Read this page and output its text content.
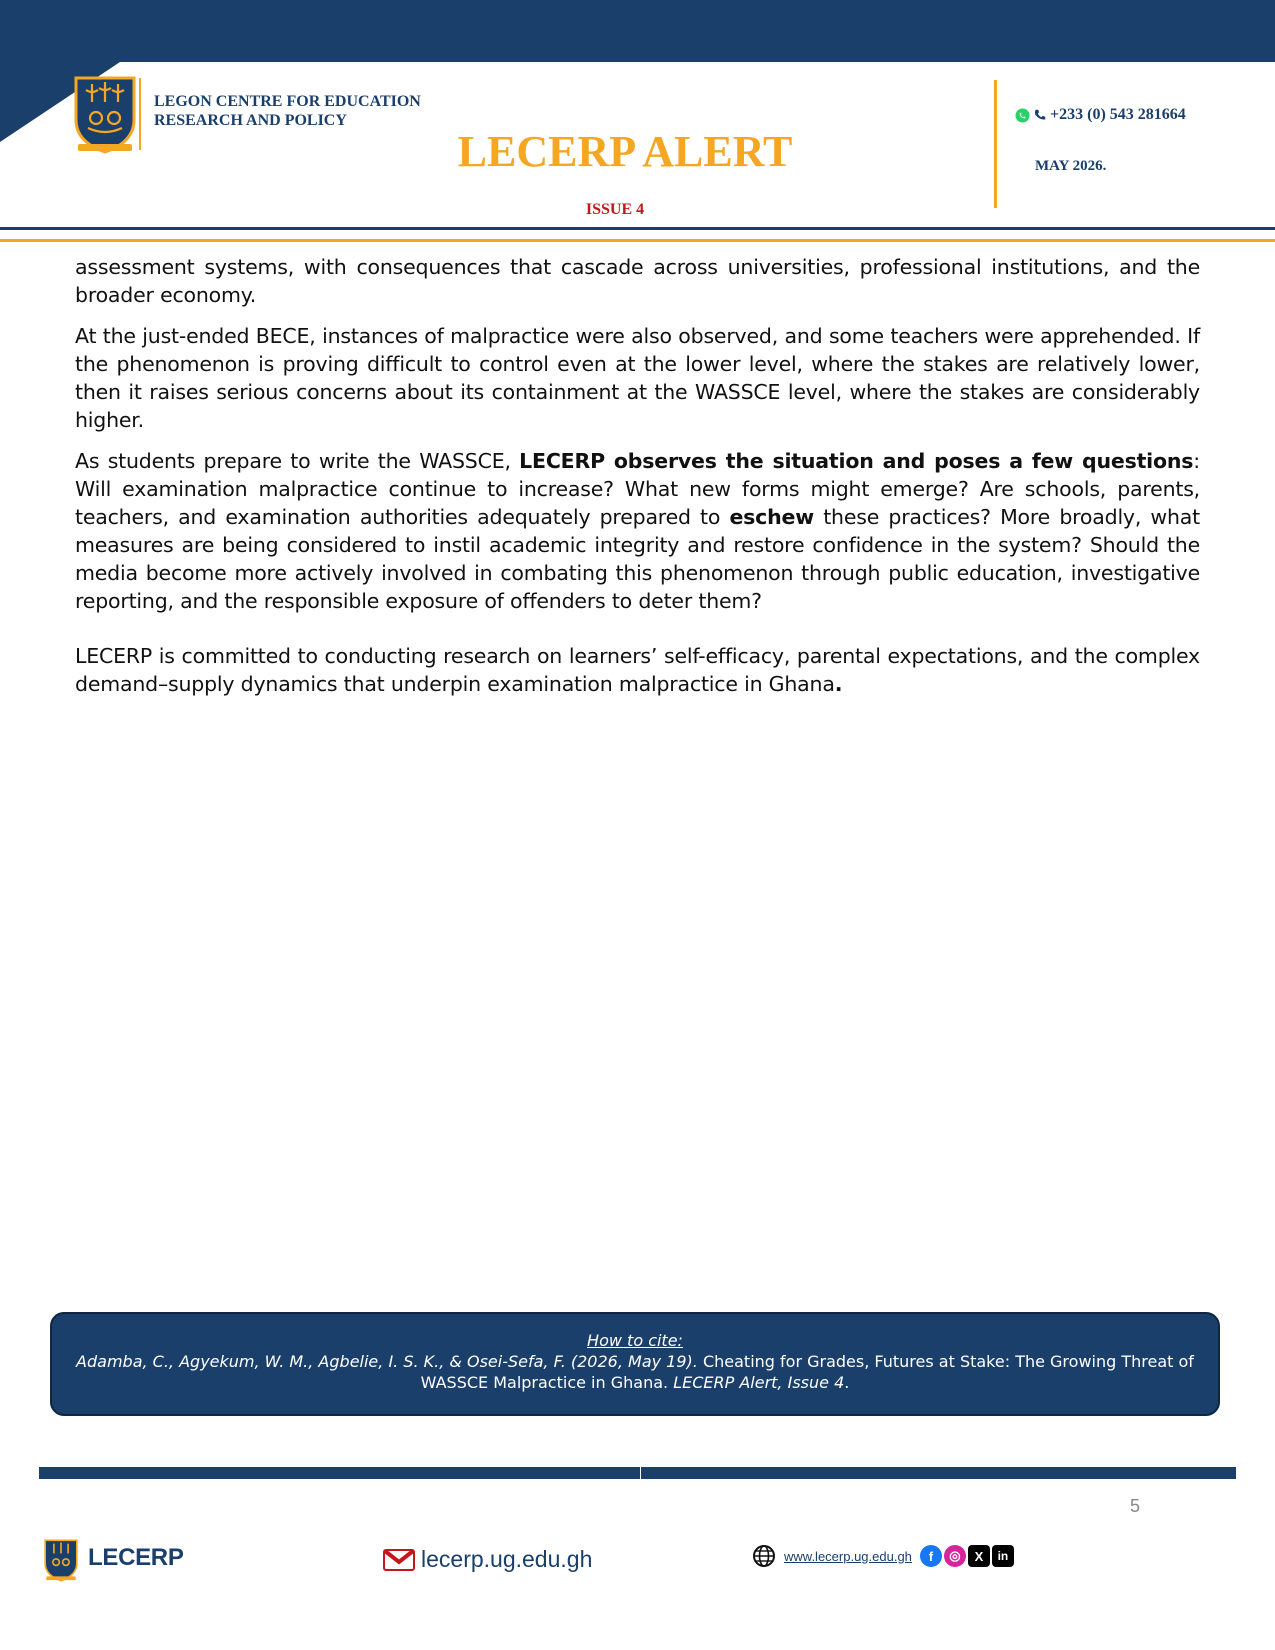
LEGON CENTRE FOR EDUCATION
RESEARCH AND POLICY
LECERP ALERT
ISSUE 4
+233 (0) 543 281664
MAY 2026.

assessment systems, with consequences that cascade across universities, professional institutions, and the broader economy.

At the just-ended BECE, instances of malpractice were also observed, and some teachers were apprehended. If the phenomenon is proving difficult to control even at the lower level, where the stakes are relatively lower, then it raises serious concerns about its containment at the WASSCE level, where the stakes are considerably higher.

As students prepare to write the WASSCE, LECERP observes the situation and poses a few questions: Will examination malpractice continue to increase? What new forms might emerge? Are schools, parents, teachers, and examination authorities adequately prepared to eschew these practices? More broadly, what measures are being considered to instil academic integrity and restore confidence in the system? Should the media become more actively involved in combating this phenomenon through public education, investigative reporting, and the responsible exposure of offenders to deter them?

LECERP is committed to conducting research on learners’ self-efficacy, parental expectations, and the complex demand–supply dynamics that underpin examination malpractice in Ghana.

How to cite:
Adamba, C., Agyekum, W. M., Agbelie, I. S. K., & Osei-Sefa, F. (2026, May 19). Cheating for Grades, Futures at Stake: The Growing Threat of WASSCE Malpractice in Ghana. LECERP Alert, Issue 4.
5
LECERP	lecerp.ug.edu.gh	www.lecerp.ug.edu.gh	f	◎	X	in
